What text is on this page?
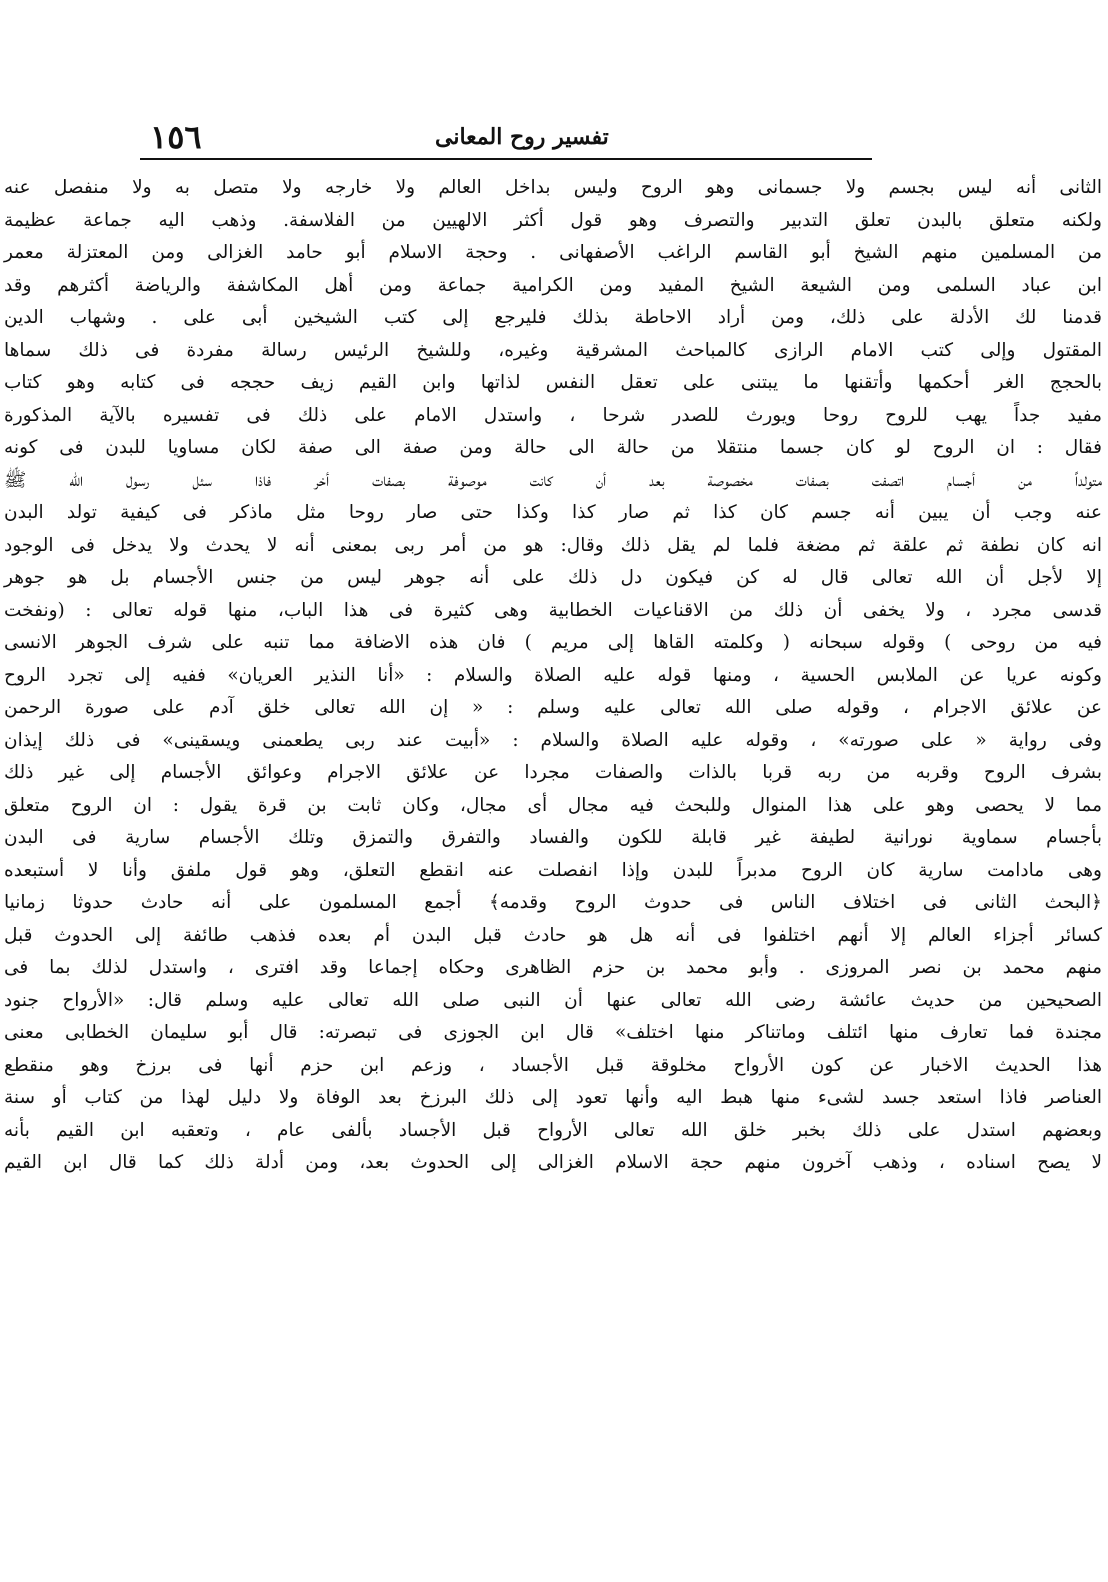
١٥٦	تفسير روح المعانى
الثانى أنه ليس بجسم ولا جسمانى وهو الروح وليس بداخل العالم ولا خارجه ولا متصل به ولا منفصل عنه
ولكنه متعلق بالبدن تعلق التدبير والتصرف وهو قول أكثر الالهيين من الفلاسفة. وذهب اليه جماعة عظيمة
من المسلمين منهم الشيخ أبو القاسم الراغب الأصفهانى . وحجة الاسلام أبو حامد الغزالى ومن المعتزلة معمر
ابن عباد السلمى ومن الشيعة الشيخ المفيد ومن الكرامية جماعة ومن أهل المكاشفة والرياضة أكثرهم وقد
قدمنا لك الأدلة على ذلك، ومن أراد الاحاطة بذلك فليرجع إلى كتب الشيخين أبى على . وشهاب الدين
المقتول وإلى كتب الامام الرازى كالمباحث المشرقية وغيره، وللشيخ الرئيس رسالة مفردة فى ذلك سماها
بالحجج الغر أحكمها وأتقنها ما يبتنى على تعقل النفس لذاتها وابن القيم زيف حججه فى كتابه وهو كتاب
مفيد جداً يهب للروح روحا ويورث للصدر شرحا ، واستدل الامام على ذلك فى تفسيره بالآية المذكورة
فقال : ان الروح لو كان جسما منتقلا من حالة الى حالة ومن صفة الى صفة لكان مساويا للبدن فى كونه
متولداً من أجسام اتصفت بصفات مخصوصة بعد أن كانت موصوفة بصفات أخر فاذا سئل رسول الله ﷺ
عنه وجب أن يبين أنه جسم كان كذا ثم صار كذا وكذا حتى صار روحا مثل ماذكر فى كيفية تولد البدن
انه كان نطفة ثم علقة ثم مضغة فلما لم يقل ذلك وقال: هو من أمر ربى بمعنى أنه لا يحدث ولا يدخل فى الوجود
إلا لأجل أن الله تعالى قال له كن فيكون دل ذلك على أنه جوهر ليس من جنس الأجسام بل هو جوهر
قدسى مجرد ، ولا يخفى أن ذلك من الاقناعيات الخطابية وهى كثيرة فى هذا الباب، منها قوله تعالى : (ونفخت
فيه من روحى ) وقوله سبحانه ( وكلمته القاها إلى مريم ) فان هذه الاضافة مما تنبه على شرف الجوهر الانسى
وكونه عريا عن الملابس الحسية ، ومنها قوله عليه الصلاة والسلام : «أنا النذير العريان» ففيه إلى تجرد الروح
عن علائق الاجرام ، وقوله صلى الله تعالى عليه وسلم : « إن الله تعالى خلق آدم على صورة الرحمن
وفى رواية « على صورته» ، وقوله عليه الصلاة والسلام : «أبيت عند ربى يطعمنى ويسقينى» فى ذلك إيذان
بشرف الروح وقربه من ربه قربا بالذات والصفات مجردا عن علائق الاجرام وعوائق الأجسام إلى غير ذلك
مما لا يحصى وهو على هذا المنوال وللبحث فيه مجال أى مجال، وكان ثابت بن قرة يقول : ان الروح متعلق
بأجسام سماوية نورانية لطيفة غير قابلة للكون والفساد والتفرق والتمزق وتلك الأجسام سارية فى البدن
وهى مادامت سارية كان الروح مدبراً للبدن وإذا انفصلت عنه انقطع التعلق، وهو قول ملفق وأنا لا أستبعده
﴿البحث الثانى فى اختلاف الناس فى حدوث الروح وقدمه﴾ أجمع المسلمون على أنه حادث حدوثا زمانيا
كسائر أجزاء العالم إلا أنهم اختلفوا فى أنه هل هو حادث قبل البدن أم بعده فذهب طائفة إلى الحدوث قبل
منهم محمد بن نصر المروزى . وأبو محمد بن حزم الظاهرى وحكاه إجماعا وقد افترى ، واستدل لذلك بما فى
الصحيحين من حديث عائشة رضى الله تعالى عنها أن النبى صلى الله تعالى عليه وسلم قال: «الأرواح جنود
مجندة فما تعارف منها ائتلف وماتناكر منها اختلف» قال ابن الجوزى فى تبصرته: قال أبو سليمان الخطابى معنى
هذا الحديث الاخبار عن كون الأرواح مخلوقة قبل الأجساد ، وزعم ابن حزم أنها فى برزخ وهو منقطع
العناصر فاذا استعد جسد لشىء منها هبط اليه وأنها تعود إلى ذلك البرزخ بعد الوفاة ولا دليل لهذا من كتاب أو سنة
وبعضهم استدل على ذلك بخبر خلق الله تعالى الأرواح قبل الأجساد بألفى عام ، وتعقبه ابن القيم بأنه
لا يصح اسناده ، وذهب آخرون منهم حجة الاسلام الغزالى إلى الحدوث بعد، ومن أدلة ذلك كما قال ابن القيم
